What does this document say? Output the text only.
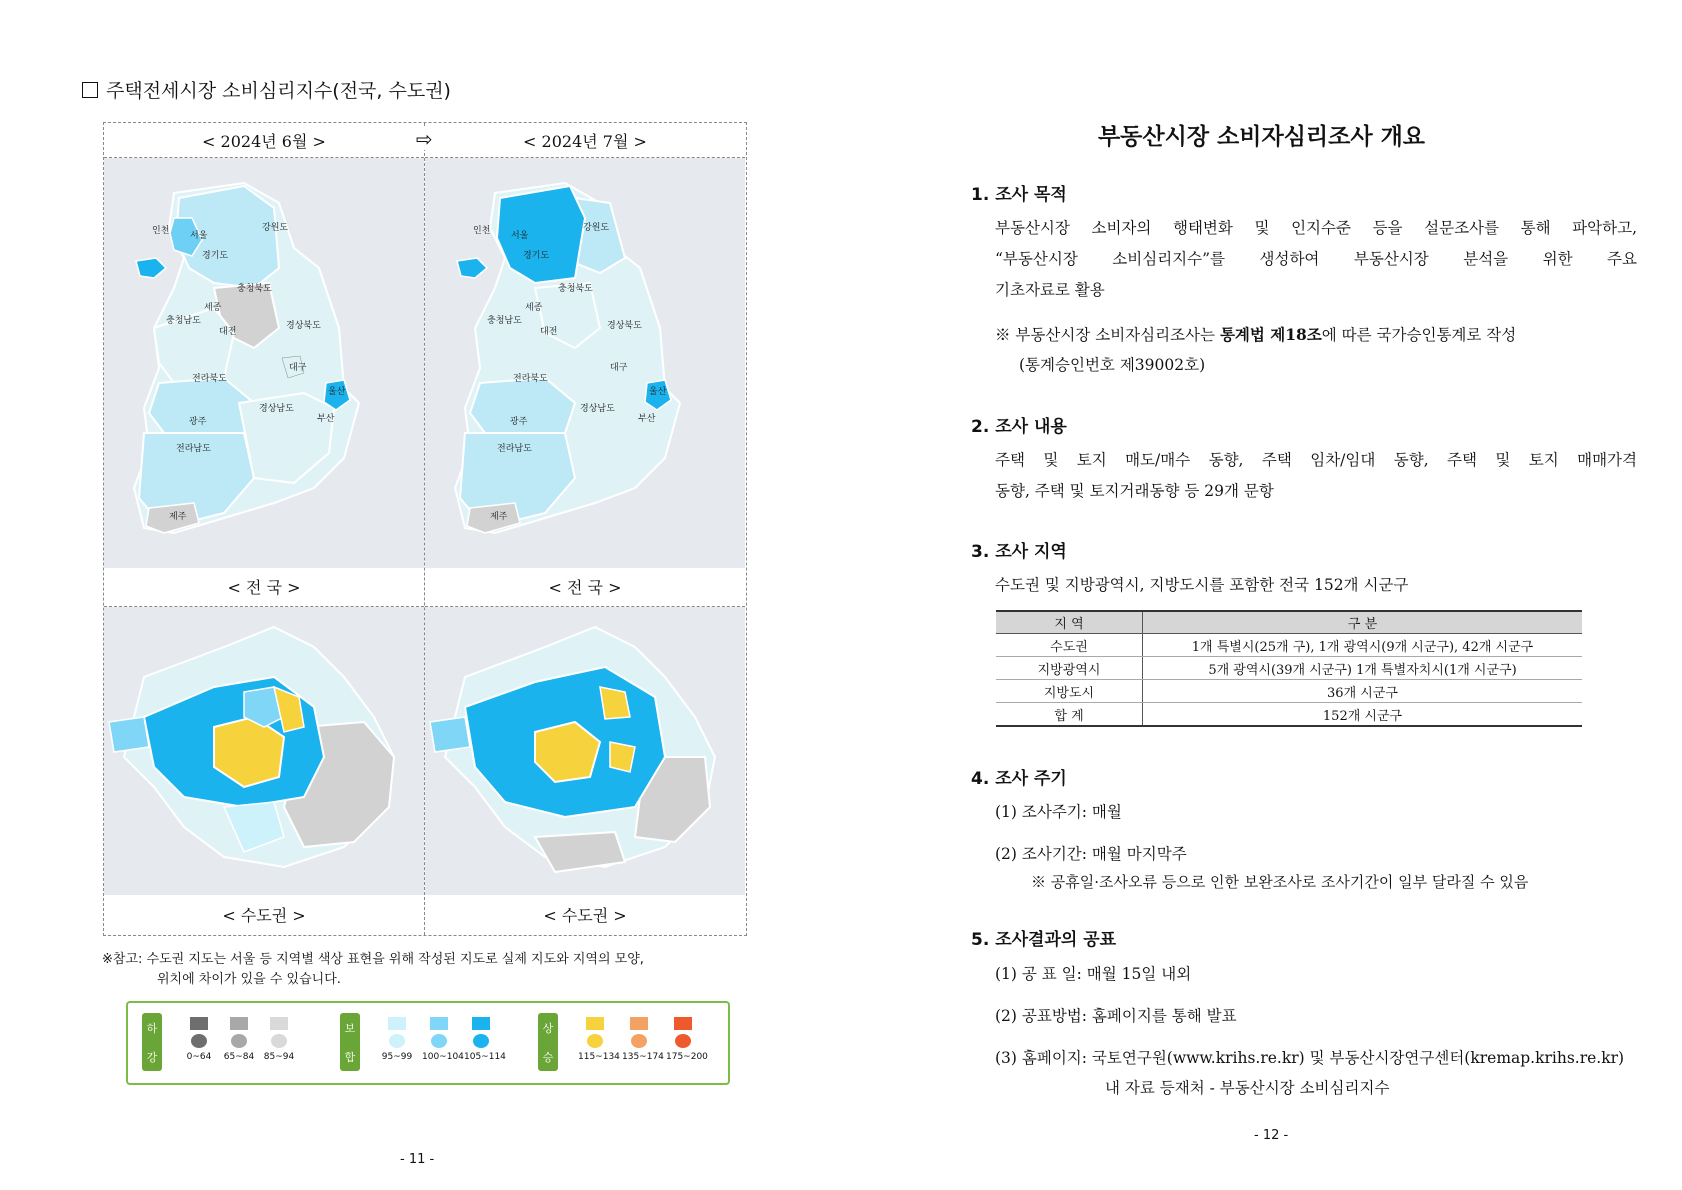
주택전세시장 소비심리지수(전국, 수도권)
⇨
< 2024년 6월 >
인천 서울
강원도
경기도
충청북도
세종
충청남도
대전
경상북도
대구
전라북도
울산
경상남도
부산
광주
전라남도
제주
< 전 국 >
< 수도권 >
< 2024년 7월 >
인천 서울
강원도
경기도
충청북도
세종
충청남도
대전
경상북도
대구
전라북도
울산
경상남도
부산
광주
전라남도
제주
< 전 국 >
< 수도권 >
※참고: 수도권 지도는 서울 등 지역별 색상 표현을 위해 작성된 지도로 실제 지도와 지역의 모양,
위치에 차이가 있을 수 있습니다.
하
강	0~64	65~84 85~94
보
합	95~99 100~104 105~114
상
승	115~134 135~174 175~200
- 11 -
부동산시장 소비자심리조사 개요
1. 조사 목적
부동산시장 소비자의 행태변화 및 인지수준 등을 설문조사를 통해 파악하고,
“부동산시장 소비심리지수”를 생성하여 부동산시장 분석을 위한 주요
기초자료로 활용
※ 부동산시장 소비자심리조사는 통계법 제18조에 따른 국가승인통계로 작성
(통계승인번호 제39002호)
2. 조사 내용
주택 및 토지 매도/매수 동향, 주택 임차/임대 동향, 주택 및 토지 매매가격
동향, 주택 및 토지거래동향 등 29개 문항
3. 조사 지역
수도권 및 지방광역시, 지방도시를 포함한 전국 152개 시군구
지 역	구 분
수도권	1개 특별시(25개 구), 1개 광역시(9개 시군구), 42개 시군구
지방광역시	5개 광역시(39개 시군구) 1개 특별자치시(1개 시군구)
지방도시	36개 시군구
합 계	152개 시군구
4. 조사 주기
(1) 조사주기: 매월
(2) 조사기간: 매월 마지막주
※ 공휴일·조사오류 등으로 인한 보완조사로 조사기간이 일부 달라질 수 있음
5. 조사결과의 공표
(1) 공 표 일: 매월 15일 내외
(2) 공표방법: 홈페이지를 통해 발표
(3) 홈페이지: 국토연구원(www.krihs.re.kr) 및 부동산시장연구센터(kremap.krihs.re.kr)
내 자료 등재처 - 부동산시장 소비심리지수
- 12 -
